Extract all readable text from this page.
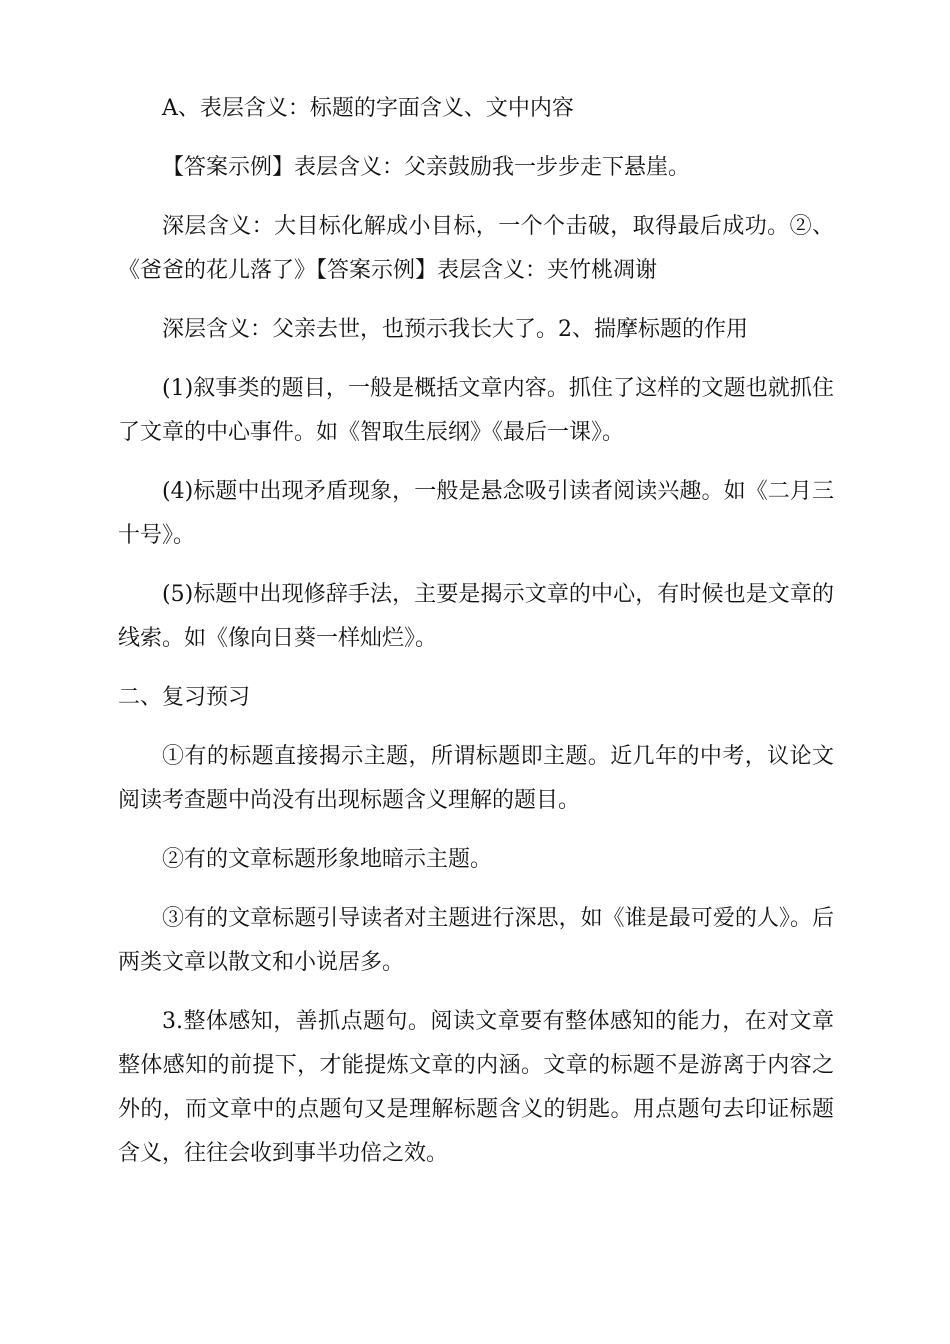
A、表层含义：标题的字面含义、文中内容

【答案示例】表层含义：父亲鼓励我一步步走下悬崖。

深层含义：大目标化解成小目标，一个个击破，取得最后成功。②、《爸爸的花儿落了》【答案示例】表层含义：夹竹桃凋谢

深层含义：父亲去世，也预示我长大了。2、揣摩标题的作用

(1)叙事类的题目，一般是概括文章内容。抓住了这样的文题也就抓住了文章的中心事件。如《智取生辰纲》《最后一课》。

(4)标题中出现矛盾现象，一般是悬念吸引读者阅读兴趣。如《二月三十号》。

(5)标题中出现修辞手法，主要是揭示文章的中心，有时候也是文章的线索。如《像向日葵一样灿烂》。

二、复习预习

①有的标题直接揭示主题，所谓标题即主题。近几年的中考，议论文阅读考查题中尚没有出现标题含义理解的题目。

②有的文章标题形象地暗示主题。

③有的文章标题引导读者对主题进行深思，如《谁是最可爱的人》。后两类文章以散文和小说居多。

3.整体感知，善抓点题句。阅读文章要有整体感知的能力，在对文章整体感知的前提下，才能提炼文章的内涵。文章的标题不是游离于内容之外的，而文章中的点题句又是理解标题含义的钥匙。用点题句去印证标题含义，往往会收到事半功倍之效。
